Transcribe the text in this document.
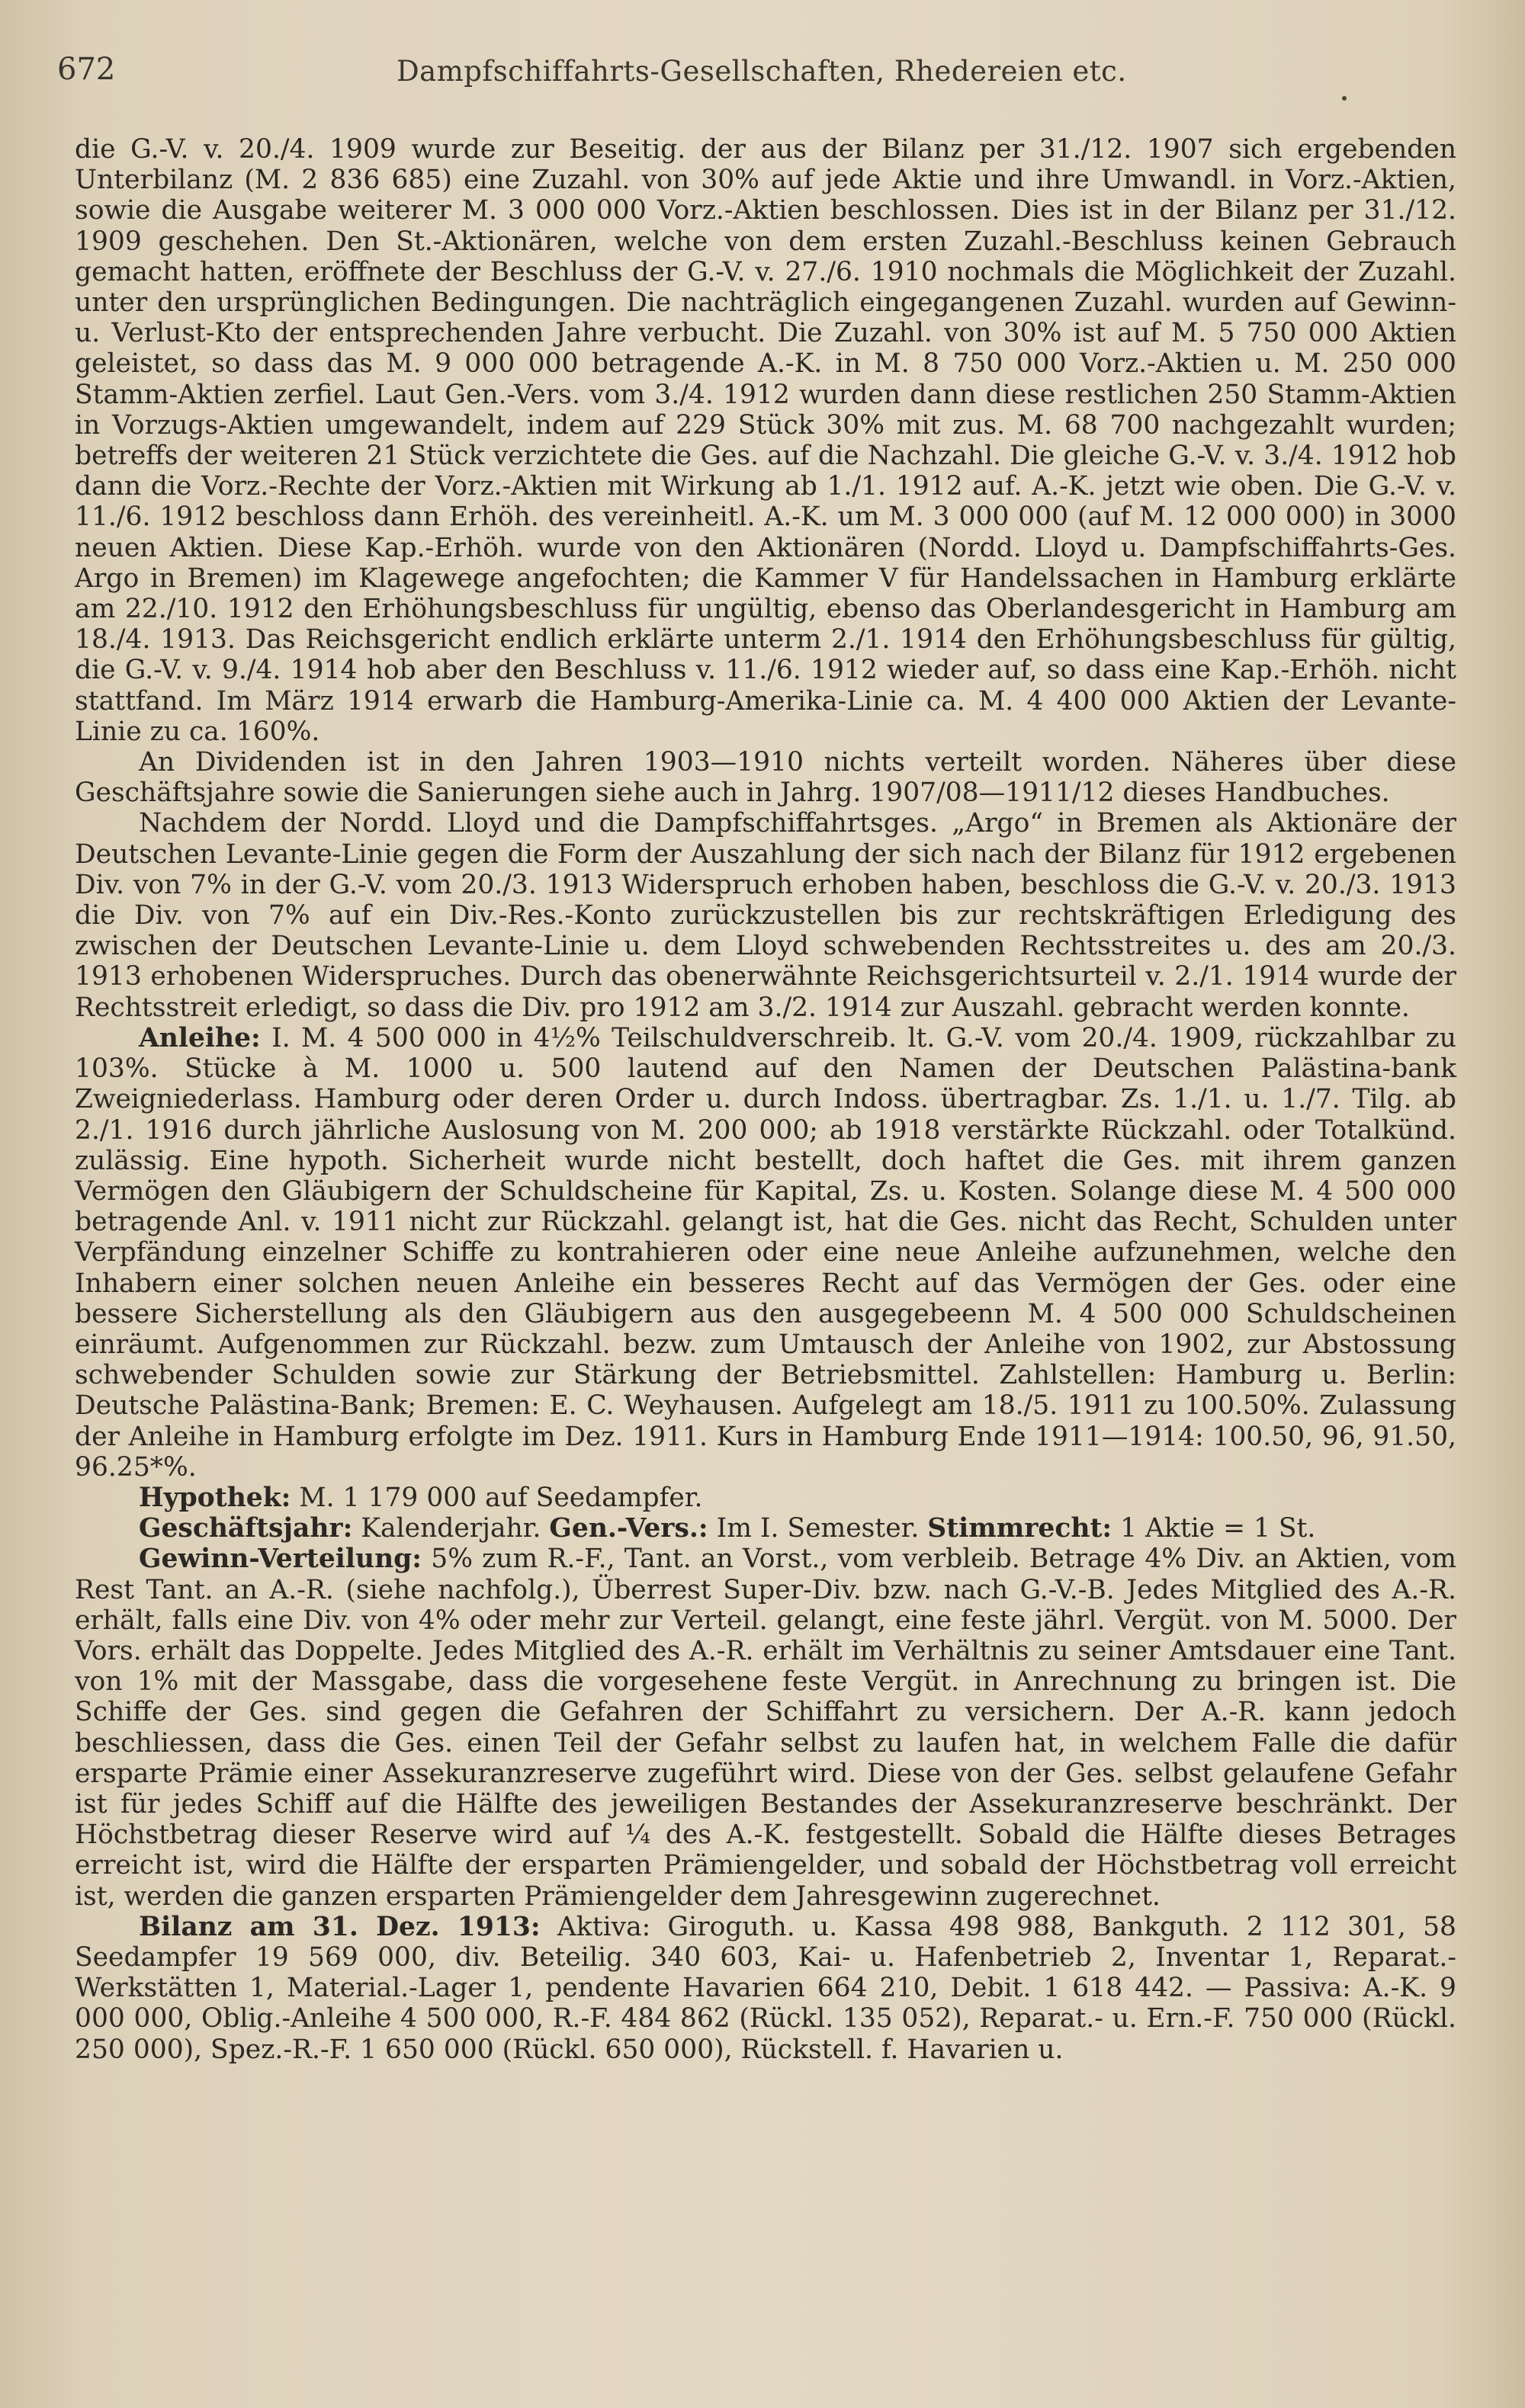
672	Dampfschiffahrts-Gesellschaften, Rhedereien etc.

die G.-V. v. 20./4. 1909 wurde zur Beseitig. der aus der Bilanz per 31./12. 1907 sich ergebenden Unterbilanz (M. 2 836 685) eine Zuzahl. von 30% auf jede Aktie und ihre Umwandl. in Vorz.-Aktien, sowie die Ausgabe weiterer M. 3 000 000 Vorz.-Aktien beschlossen. Dies ist in der Bilanz per 31./12. 1909 geschehen. Den St.-Aktionären, welche von dem ersten Zuzahl.-Beschluss keinen Gebrauch gemacht hatten, eröffnete der Beschluss der G.-V. v. 27./6. 1910 nochmals die Möglichkeit der Zuzahl. unter den ursprünglichen Bedingungen. Die nachträglich eingegangenen Zuzahl. wurden auf Gewinn- u. Verlust-Kto der entsprechenden Jahre verbucht. Die Zuzahl. von 30% ist auf M. 5 750 000 Aktien geleistet, so dass das M. 9 000 000 betragende A.-K. in M. 8 750 000 Vorz.-Aktien u. M. 250 000 Stamm-Aktien zerfiel. Laut Gen.-Vers. vom 3./4. 1912 wurden dann diese restlichen 250 Stamm-Aktien in Vorzugs-Aktien umgewandelt, indem auf 229 Stück 30% mit zus. M. 68 700 nachgezahlt wurden; betreffs der weiteren 21 Stück verzichtete die Ges. auf die Nachzahl. Die gleiche G.-V. v. 3./4. 1912 hob dann die Vorz.-Rechte der Vorz.-Aktien mit Wirkung ab 1./1. 1912 auf. A.-K. jetzt wie oben. Die G.-V. v. 11./6. 1912 beschloss dann Erhöh. des vereinheitl. A.-K. um M. 3 000 000 (auf M. 12 000 000) in 3000 neuen Aktien. Diese Kap.-Erhöh. wurde von den Aktionären (Nordd. Lloyd u. Dampfschiffahrts-Ges. Argo in Bremen) im Klagewege angefochten; die Kammer V für Handelssachen in Hamburg erklärte am 22./10. 1912 den Erhöhungsbeschluss für ungültig, ebenso das Oberlandesgericht in Hamburg am 18./4. 1913. Das Reichsgericht endlich erklärte unterm 2./1. 1914 den Erhöhungsbeschluss für gültig, die G.-V. v. 9./4. 1914 hob aber den Beschluss v. 11./6. 1912 wieder auf, so dass eine Kap.-Erhöh. nicht stattfand. Im März 1914 erwarb die Hamburg-Amerika-Linie ca. M. 4 400 000 Aktien der Levante-Linie zu ca. 160%.

An Dividenden ist in den Jahren 1903—1910 nichts verteilt worden. Näheres über diese Geschäftsjahre sowie die Sanierungen siehe auch in Jahrg. 1907/08—1911/12 dieses Handbuches.

Nachdem der Nordd. Lloyd und die Dampfschiffahrtsges. „Argo“ in Bremen als Aktionäre der Deutschen Levante-Linie gegen die Form der Auszahlung der sich nach der Bilanz für 1912 ergebenen Div. von 7% in der G.-V. vom 20./3. 1913 Widerspruch erhoben haben, beschloss die G.-V. v. 20./3. 1913 die Div. von 7% auf ein Div.-Res.-Konto zurückzustellen bis zur rechtskräftigen Erledigung des zwischen der Deutschen Levante-Linie u. dem Lloyd schwebenden Rechtsstreites u. des am 20./3. 1913 erhobenen Widerspruches. Durch das obenerwähnte Reichsgerichtsurteil v. 2./1. 1914 wurde der Rechtsstreit erledigt, so dass die Div. pro 1912 am 3./2. 1914 zur Auszahl. gebracht werden konnte.

Anleihe: I. M. 4 500 000 in 4½% Teilschuldverschreib. lt. G.-V. vom 20./4. 1909, rückzahlbar zu 103%. Stücke à M. 1000 u. 500 lautend auf den Namen der Deutschen Palästina-bank Zweigniederlass. Hamburg oder deren Order u. durch Indoss. übertragbar. Zs. 1./1. u. 1./7. Tilg. ab 2./1. 1916 durch jährliche Auslosung von M. 200 000; ab 1918 verstärkte Rückzahl. oder Totalkünd. zulässig. Eine hypoth. Sicherheit wurde nicht bestellt, doch haftet die Ges. mit ihrem ganzen Vermögen den Gläubigern der Schuldscheine für Kapital, Zs. u. Kosten. Solange diese M. 4 500 000 betragende Anl. v. 1911 nicht zur Rückzahl. gelangt ist, hat die Ges. nicht das Recht, Schulden unter Verpfändung einzelner Schiffe zu kontrahieren oder eine neue Anleihe aufzunehmen, welche den Inhabern einer solchen neuen Anleihe ein besseres Recht auf das Vermögen der Ges. oder eine bessere Sicherstellung als den Gläubigern aus den ausgegebeenn M. 4 500 000 Schuldscheinen einräumt. Aufgenommen zur Rückzahl. bezw. zum Umtausch der Anleihe von 1902, zur Abstossung schwebender Schulden sowie zur Stärkung der Betriebsmittel. Zahlstellen: Hamburg u. Berlin: Deutsche Palästina-Bank; Bremen: E. C. Weyhausen. Aufgelegt am 18./5. 1911 zu 100.50%. Zulassung der Anleihe in Hamburg erfolgte im Dez. 1911. Kurs in Hamburg Ende 1911—1914: 100.50, 96, 91.50, 96.25*%.

Hypothek: M. 1 179 000 auf Seedampfer.

Geschäftsjahr: Kalenderjahr. Gen.-Vers.: Im I. Semester. Stimmrecht: 1 Aktie = 1 St.

Gewinn-Verteilung: 5% zum R.-F., Tant. an Vorst., vom verbleib. Betrage 4% Div. an Aktien, vom Rest Tant. an A.-R. (siehe nachfolg.), Überrest Super-Div. bzw. nach G.-V.-B. Jedes Mitglied des A.-R. erhält, falls eine Div. von 4% oder mehr zur Verteil. gelangt, eine feste jährl. Vergüt. von M. 5000. Der Vors. erhält das Doppelte. Jedes Mitglied des A.-R. erhält im Verhältnis zu seiner Amtsdauer eine Tant. von 1% mit der Massgabe, dass die vorgesehene feste Vergüt. in Anrechnung zu bringen ist. Die Schiffe der Ges. sind gegen die Gefahren der Schiffahrt zu versichern. Der A.-R. kann jedoch beschliessen, dass die Ges. einen Teil der Gefahr selbst zu laufen hat, in welchem Falle die dafür ersparte Prämie einer Assekuranzreserve zugeführt wird. Diese von der Ges. selbst gelaufene Gefahr ist für jedes Schiff auf die Hälfte des jeweiligen Bestandes der Assekuranzreserve beschränkt. Der Höchstbetrag dieser Reserve wird auf ¼ des A.-K. festgestellt. Sobald die Hälfte dieses Betrages erreicht ist, wird die Hälfte der ersparten Prämiengelder, und sobald der Höchstbetrag voll erreicht ist, werden die ganzen ersparten Prämiengelder dem Jahresgewinn zugerechnet.

Bilanz am 31. Dez. 1913: Aktiva: Giroguth. u. Kassa 498 988, Bankguth. 2 112 301, 58 Seedampfer 19 569 000, div. Beteilig. 340 603, Kai- u. Hafenbetrieb 2, Inventar 1, Reparat.-Werkstätten 1, Material.-Lager 1, pendente Havarien 664 210, Debit. 1 618 442. — Passiva: A.-K. 9 000 000, Oblig.-Anleihe 4 500 000, R.-F. 484 862 (Rückl. 135 052), Reparat.- u. Ern.-F. 750 000 (Rückl. 250 000), Spez.-R.-F. 1 650 000 (Rückl. 650 000), Rückstell. f. Havarien u.
